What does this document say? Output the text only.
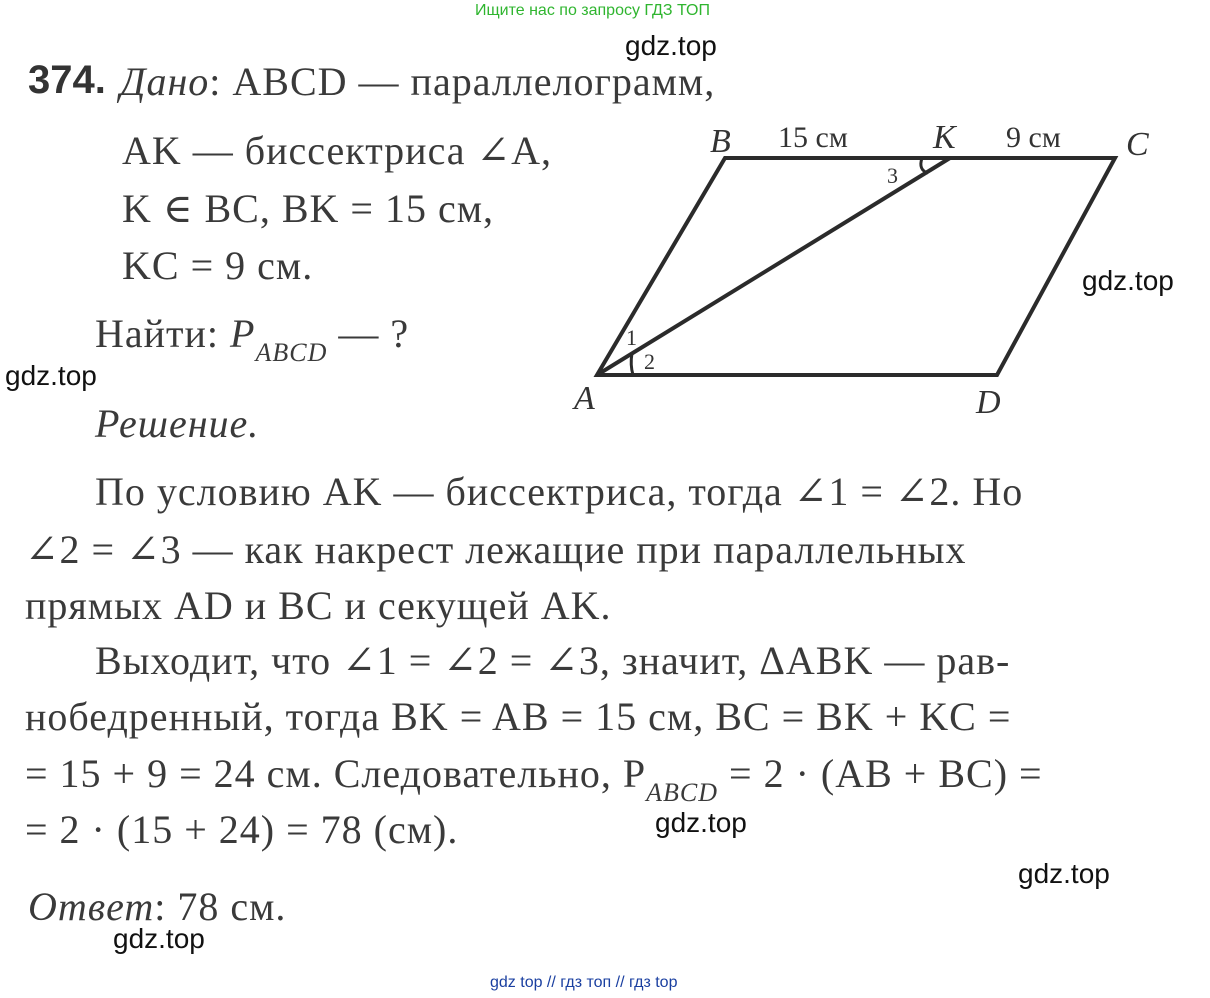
Ищите нас по запросу ГДЗ ТОП
gdz.top
gdz.top
gdz.top
gdz.top
gdz.top
gdz.top
374. Дано: ABCD — параллелограмм,
AK — биссектриса ∠A,
K ∈ BC, BK = 15 см,
KC = 9 см.
Найти: $P_{ABCD}$ — ?
Решение.
B	K	C
A	D
15 см	9 см
1
2
3
По условию AK — биссектриса, тогда ∠1 = ∠2. Но
∠2 = ∠3 — как накрест лежащие при параллельных
прямых AD и BC и секущей AK.
Выходит, что ∠1 = ∠2 = ∠3, значит, ΔABK — рав-
нобедренный, тогда BK = AB = 15 см, BC = BK + KC =
= 15 + 9 = 24 см. Следовательно, $P_{ABCD} = 2 \cdot (AB + BC)$ =
= 2 · (15 + 24) = 78 (см).
Ответ: 78 см.
gdz top // гдз топ // гдз top
